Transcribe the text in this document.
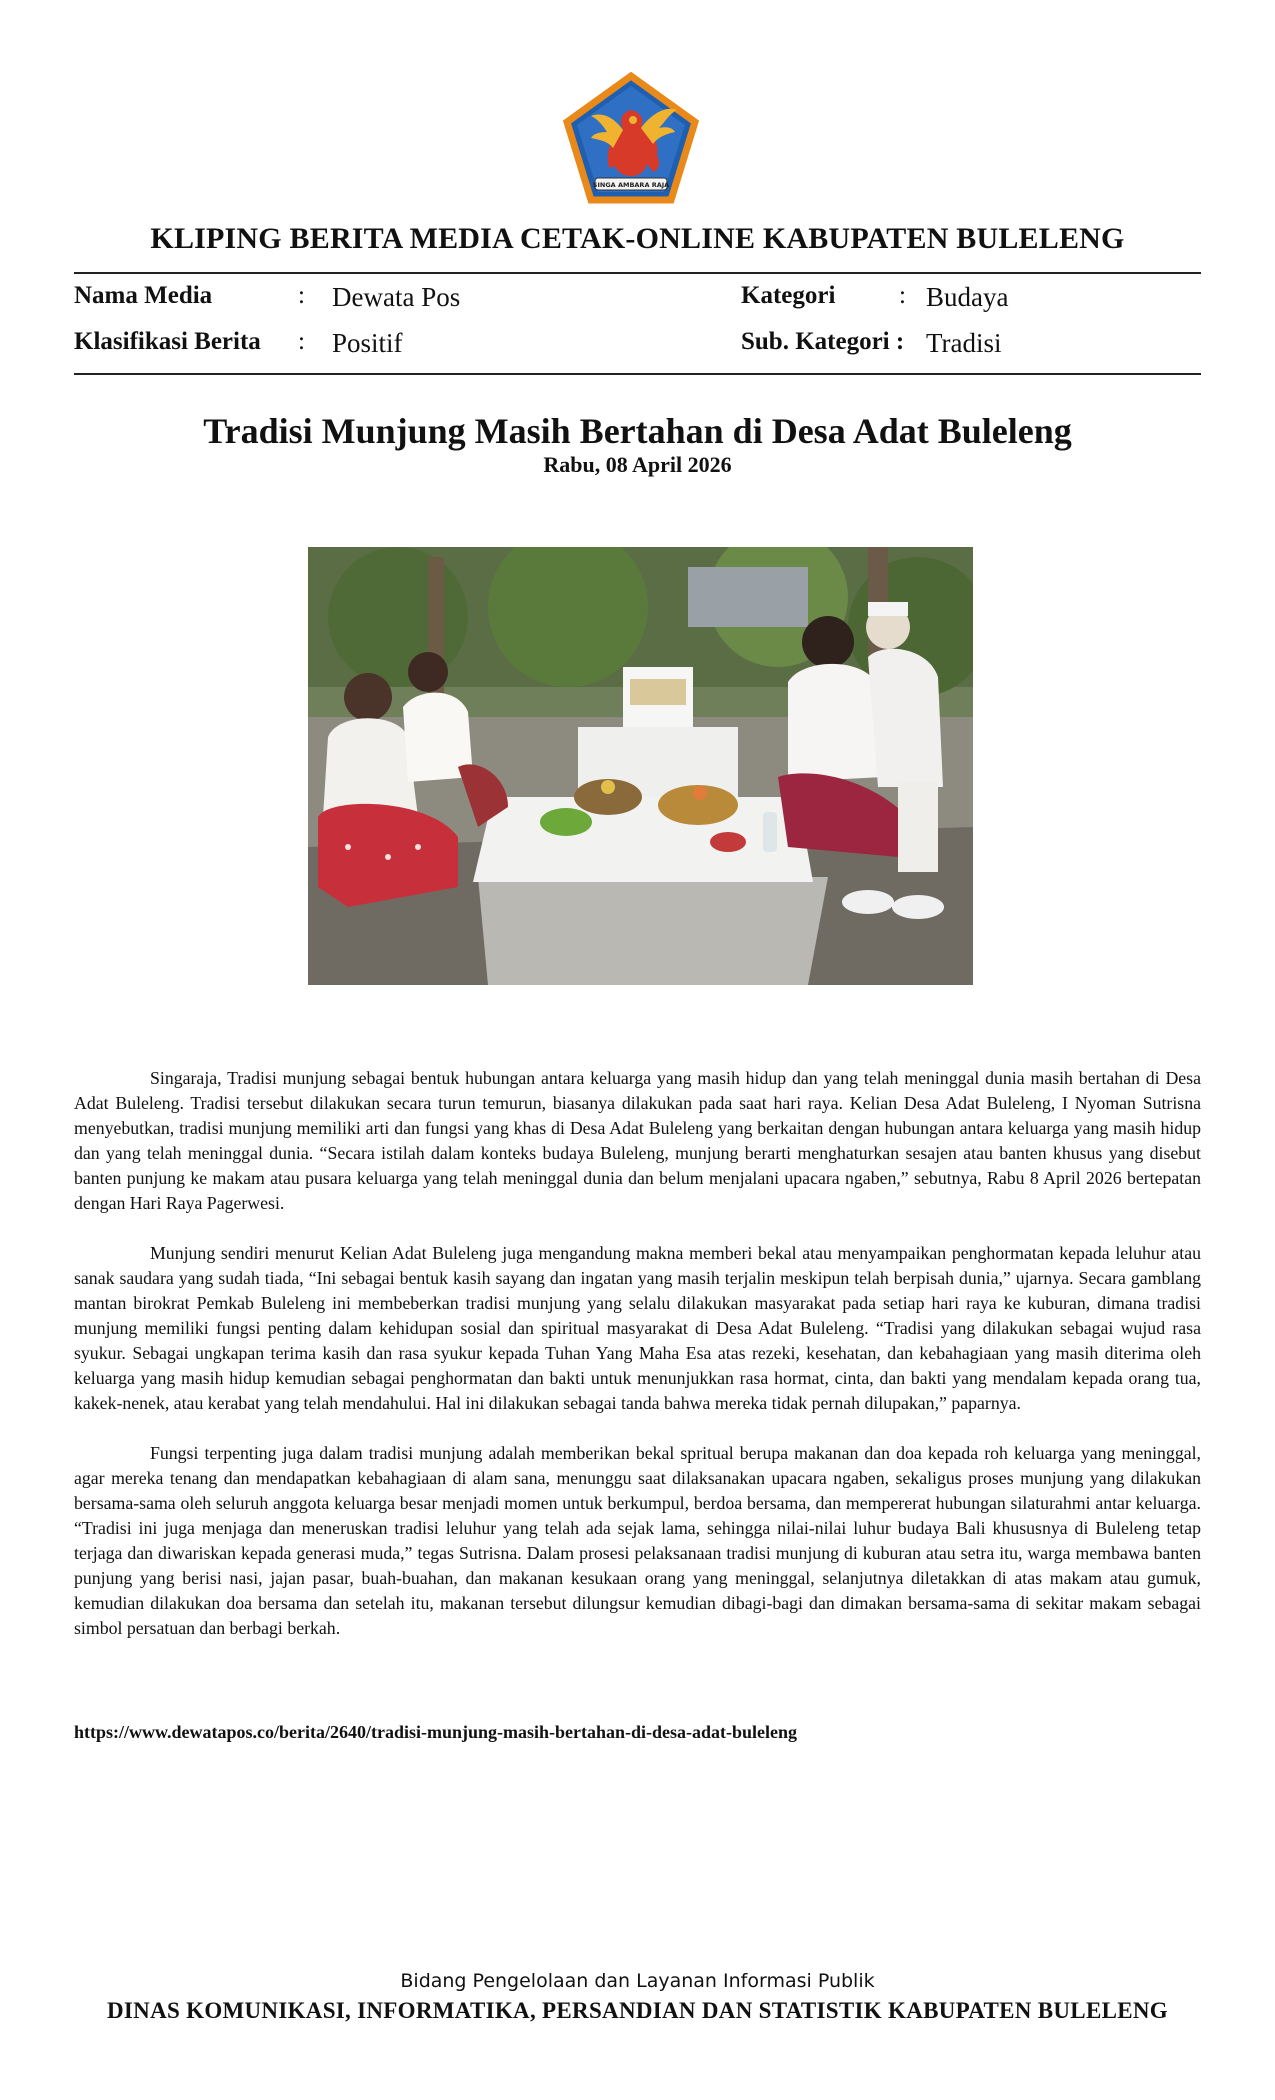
SINGA AMBARA RAJA
KLIPING BERITA MEDIA CETAK-ONLINE KABUPATEN BULELENG
Nama Media	: Dewata Pos
Klasifikasi Berita : Positif
Kategori	: Budaya
Sub. Kategori : Tradisi
Tradisi Munjung Masih Bertahan di Desa Adat Buleleng
Rabu, 08 April 2026

Singaraja, Tradisi munjung sebagai bentuk hubungan antara keluarga yang masih hidup dan yang telah meninggal dunia masih bertahan di Desa Adat Buleleng. Tradisi tersebut dilakukan secara turun temurun, biasanya dilakukan pada saat hari raya. Kelian Desa Adat Buleleng, I Nyoman Sutrisna menyebutkan, tradisi munjung memiliki arti dan fungsi yang khas di Desa Adat Buleleng yang berkaitan dengan hubungan antara keluarga yang masih hidup dan yang telah meninggal dunia. “Secara istilah dalam konteks budaya Buleleng, munjung berarti menghaturkan sesajen atau banten khusus yang disebut banten punjung ke makam atau pusara keluarga yang telah meninggal dunia dan belum menjalani upacara ngaben,” sebutnya, Rabu 8 April 2026 bertepatan dengan Hari Raya Pagerwesi.

Munjung sendiri menurut Kelian Adat Buleleng juga mengandung makna memberi bekal atau menyampaikan penghormatan kepada leluhur atau sanak saudara yang sudah tiada, “Ini sebagai bentuk kasih sayang dan ingatan yang masih terjalin meskipun telah berpisah dunia,” ujarnya. Secara gamblang mantan birokrat Pemkab Buleleng ini membeberkan tradisi munjung yang selalu dilakukan masyarakat pada setiap hari raya ke kuburan, dimana tradisi munjung memiliki fungsi penting dalam kehidupan sosial dan spiritual masyarakat di Desa Adat Buleleng. “Tradisi yang dilakukan sebagai wujud rasa syukur. Sebagai ungkapan terima kasih dan rasa syukur kepada Tuhan Yang Maha Esa atas rezeki, kesehatan, dan kebahagiaan yang masih diterima oleh keluarga yang masih hidup kemudian sebagai penghormatan dan bakti untuk menunjukkan rasa hormat, cinta, dan bakti yang mendalam kepada orang tua, kakek-nenek, atau kerabat yang telah mendahului. Hal ini dilakukan sebagai tanda bahwa mereka tidak pernah dilupakan,” paparnya.

Fungsi terpenting juga dalam tradisi munjung adalah memberikan bekal spritual berupa makanan dan doa kepada roh keluarga yang meninggal, agar mereka tenang dan mendapatkan kebahagiaan di alam sana, menunggu saat dilaksanakan upacara ngaben, sekaligus proses munjung yang dilakukan bersama-sama oleh seluruh anggota keluarga besar menjadi momen untuk berkumpul, berdoa bersama, dan mempererat hubungan silaturahmi antar keluarga. “Tradisi ini juga menjaga dan meneruskan tradisi leluhur yang telah ada sejak lama, sehingga nilai-nilai luhur budaya Bali khususnya di Buleleng tetap terjaga dan diwariskan kepada generasi muda,” tegas Sutrisna. Dalam prosesi pelaksanaan tradisi munjung di kuburan atau setra itu, warga membawa banten punjung yang berisi nasi, jajan pasar, buah-buahan, dan makanan kesukaan orang yang meninggal, selanjutnya diletakkan di atas makam atau gumuk, kemudian dilakukan doa bersama dan setelah itu, makanan tersebut dilungsur kemudian dibagi-bagi dan dimakan bersama-sama di sekitar makam sebagai simbol persatuan dan berbagi berkah.

https://www.dewatapos.co/berita/2640/tradisi-munjung-masih-bertahan-di-desa-adat-buleleng
Bidang Pengelolaan dan Layanan Informasi Publik
DINAS KOMUNIKASI, INFORMATIKA, PERSANDIAN DAN STATISTIK KABUPATEN BULELENG
